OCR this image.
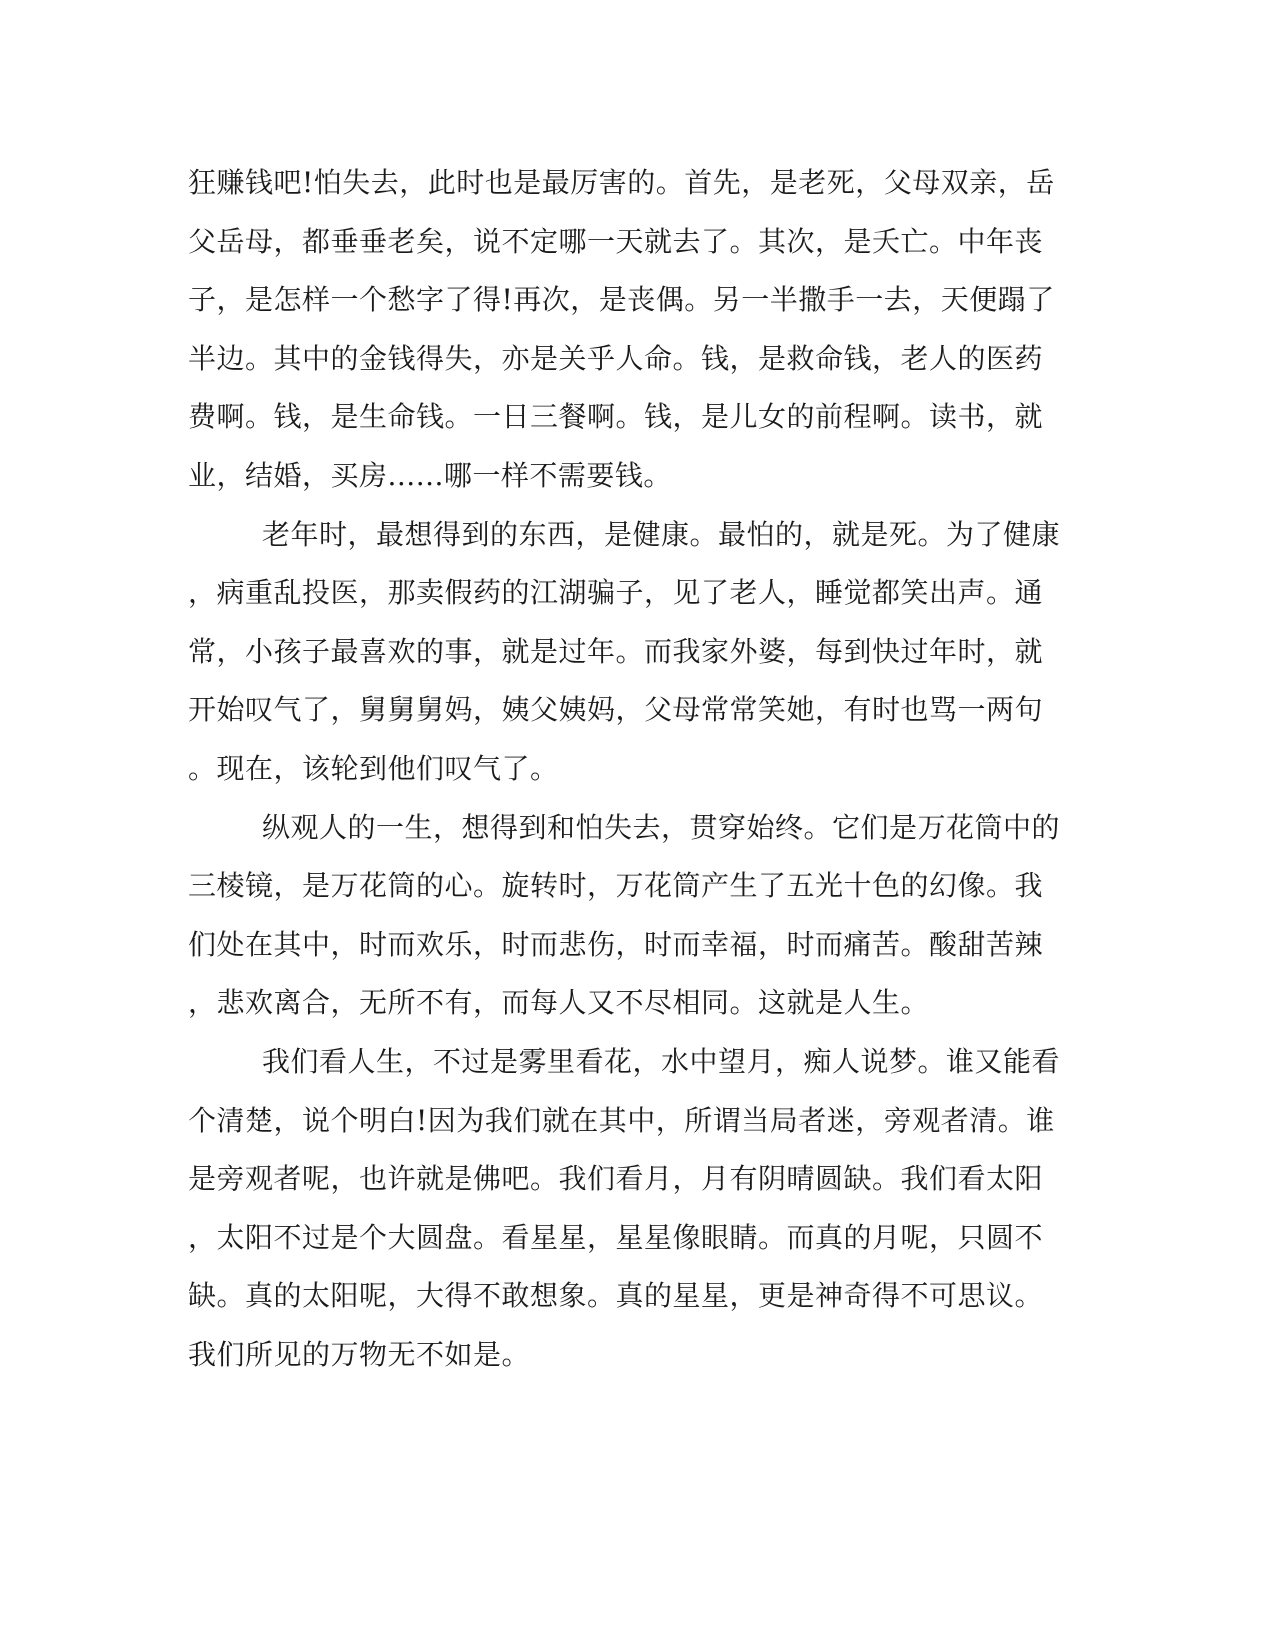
狂赚钱吧!怕失去，此时也是最厉害的。首先，是老死，父母双亲，岳

父岳母，都垂垂老矣，说不定哪一天就去了。其次，是夭亡。中年丧

子，是怎样一个愁字了得!再次，是丧偶。另一半撒手一去，天便蹋了

半边。其中的金钱得失，亦是关乎人命。钱，是救命钱，老人的医药

费啊。钱，是生命钱。一日三餐啊。钱，是儿女的前程啊。读书，就

业，结婚，买房......哪一样不需要钱。

老年时，最想得到的东西，是健康。最怕的，就是死。为了健康

，病重乱投医，那卖假药的江湖骗子，见了老人，睡觉都笑出声。通

常，小孩子最喜欢的事，就是过年。而我家外婆，每到快过年时，就

开始叹气了，舅舅舅妈，姨父姨妈，父母常常笑她，有时也骂一两句

。现在，该轮到他们叹气了。

纵观人的一生，想得到和怕失去，贯穿始终。它们是万花筒中的

三棱镜，是万花筒的心。旋转时，万花筒产生了五光十色的幻像。我

们处在其中，时而欢乐，时而悲伤，时而幸福，时而痛苦。酸甜苦辣

，悲欢离合，无所不有，而每人又不尽相同。这就是人生。

我们看人生，不过是雾里看花，水中望月，痴人说梦。谁又能看

个清楚，说个明白!因为我们就在其中，所谓当局者迷，旁观者清。谁

是旁观者呢，也许就是佛吧。我们看月，月有阴晴圆缺。我们看太阳

，太阳不过是个大圆盘。看星星，星星像眼睛。而真的月呢，只圆不

缺。真的太阳呢，大得不敢想象。真的星星，更是神奇得不可思议。

我们所见的万物无不如是。
